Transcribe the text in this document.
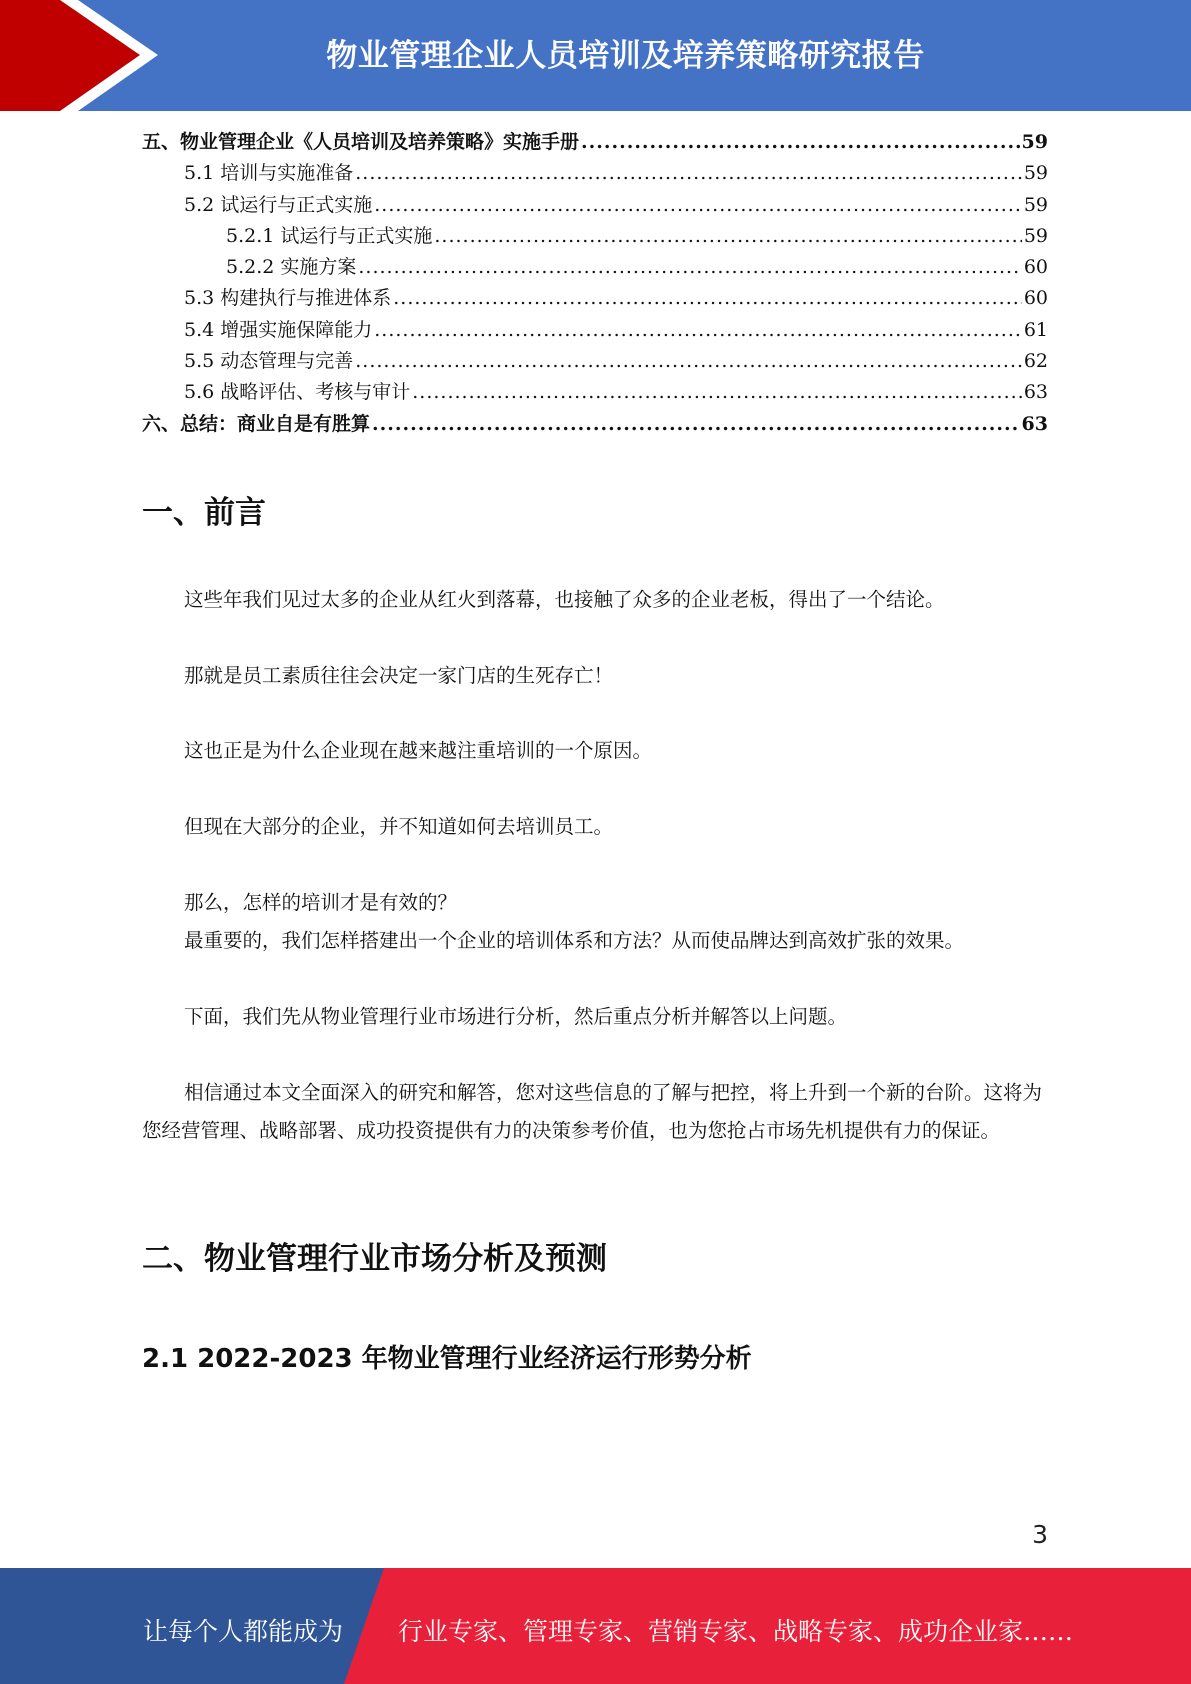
物业管理企业人员培训及培养策略研究报告
五、物业管理企业《人员培训及培养策略》实施手册 .....	59
5.1 培训与实施准备 .....	59
5.2 试运行与正式实施 .....	59
5.2.1 试运行与正式实施 .....	59
5.2.2 实施方案 .....	60
5.3 构建执行与推进体系 .....	60
5.4 增强实施保障能力 .....	61
5.5 动态管理与完善 .....	62
5.6 战略评估、考核与审计 .....	63
六、总结：商业自是有胜算 .....	63
一、前言

这些年我们见过太多的企业从红火到落幕，也接触了众多的企业老板，得出了一个结论。

那就是员工素质往往会决定一家门店的生死存亡！

这也正是为什么企业现在越来越注重培训的一个原因。

但现在大部分的企业，并不知道如何去培训员工。

那么，怎样的培训才是有效的？

最重要的，我们怎样搭建出一个企业的培训体系和方法？从而使品牌达到高效扩张的效果。

下面，我们先从物业管理行业市场进行分析，然后重点分析并解答以上问题。

相信通过本文全面深入的研究和解答，您对这些信息的了解与把控，将上升到一个新的台阶。这将为您经营管理、战略部署、成功投资提供有力的决策参考价值，也为您抢占市场先机提供有力的保证。

二、物业管理行业市场分析及预测
2.1 2022-2023 年物业管理行业经济运行形势分析
3
让每个人都能成为 行业专家、管理专家、营销专家、战略专家、成功企业家……
